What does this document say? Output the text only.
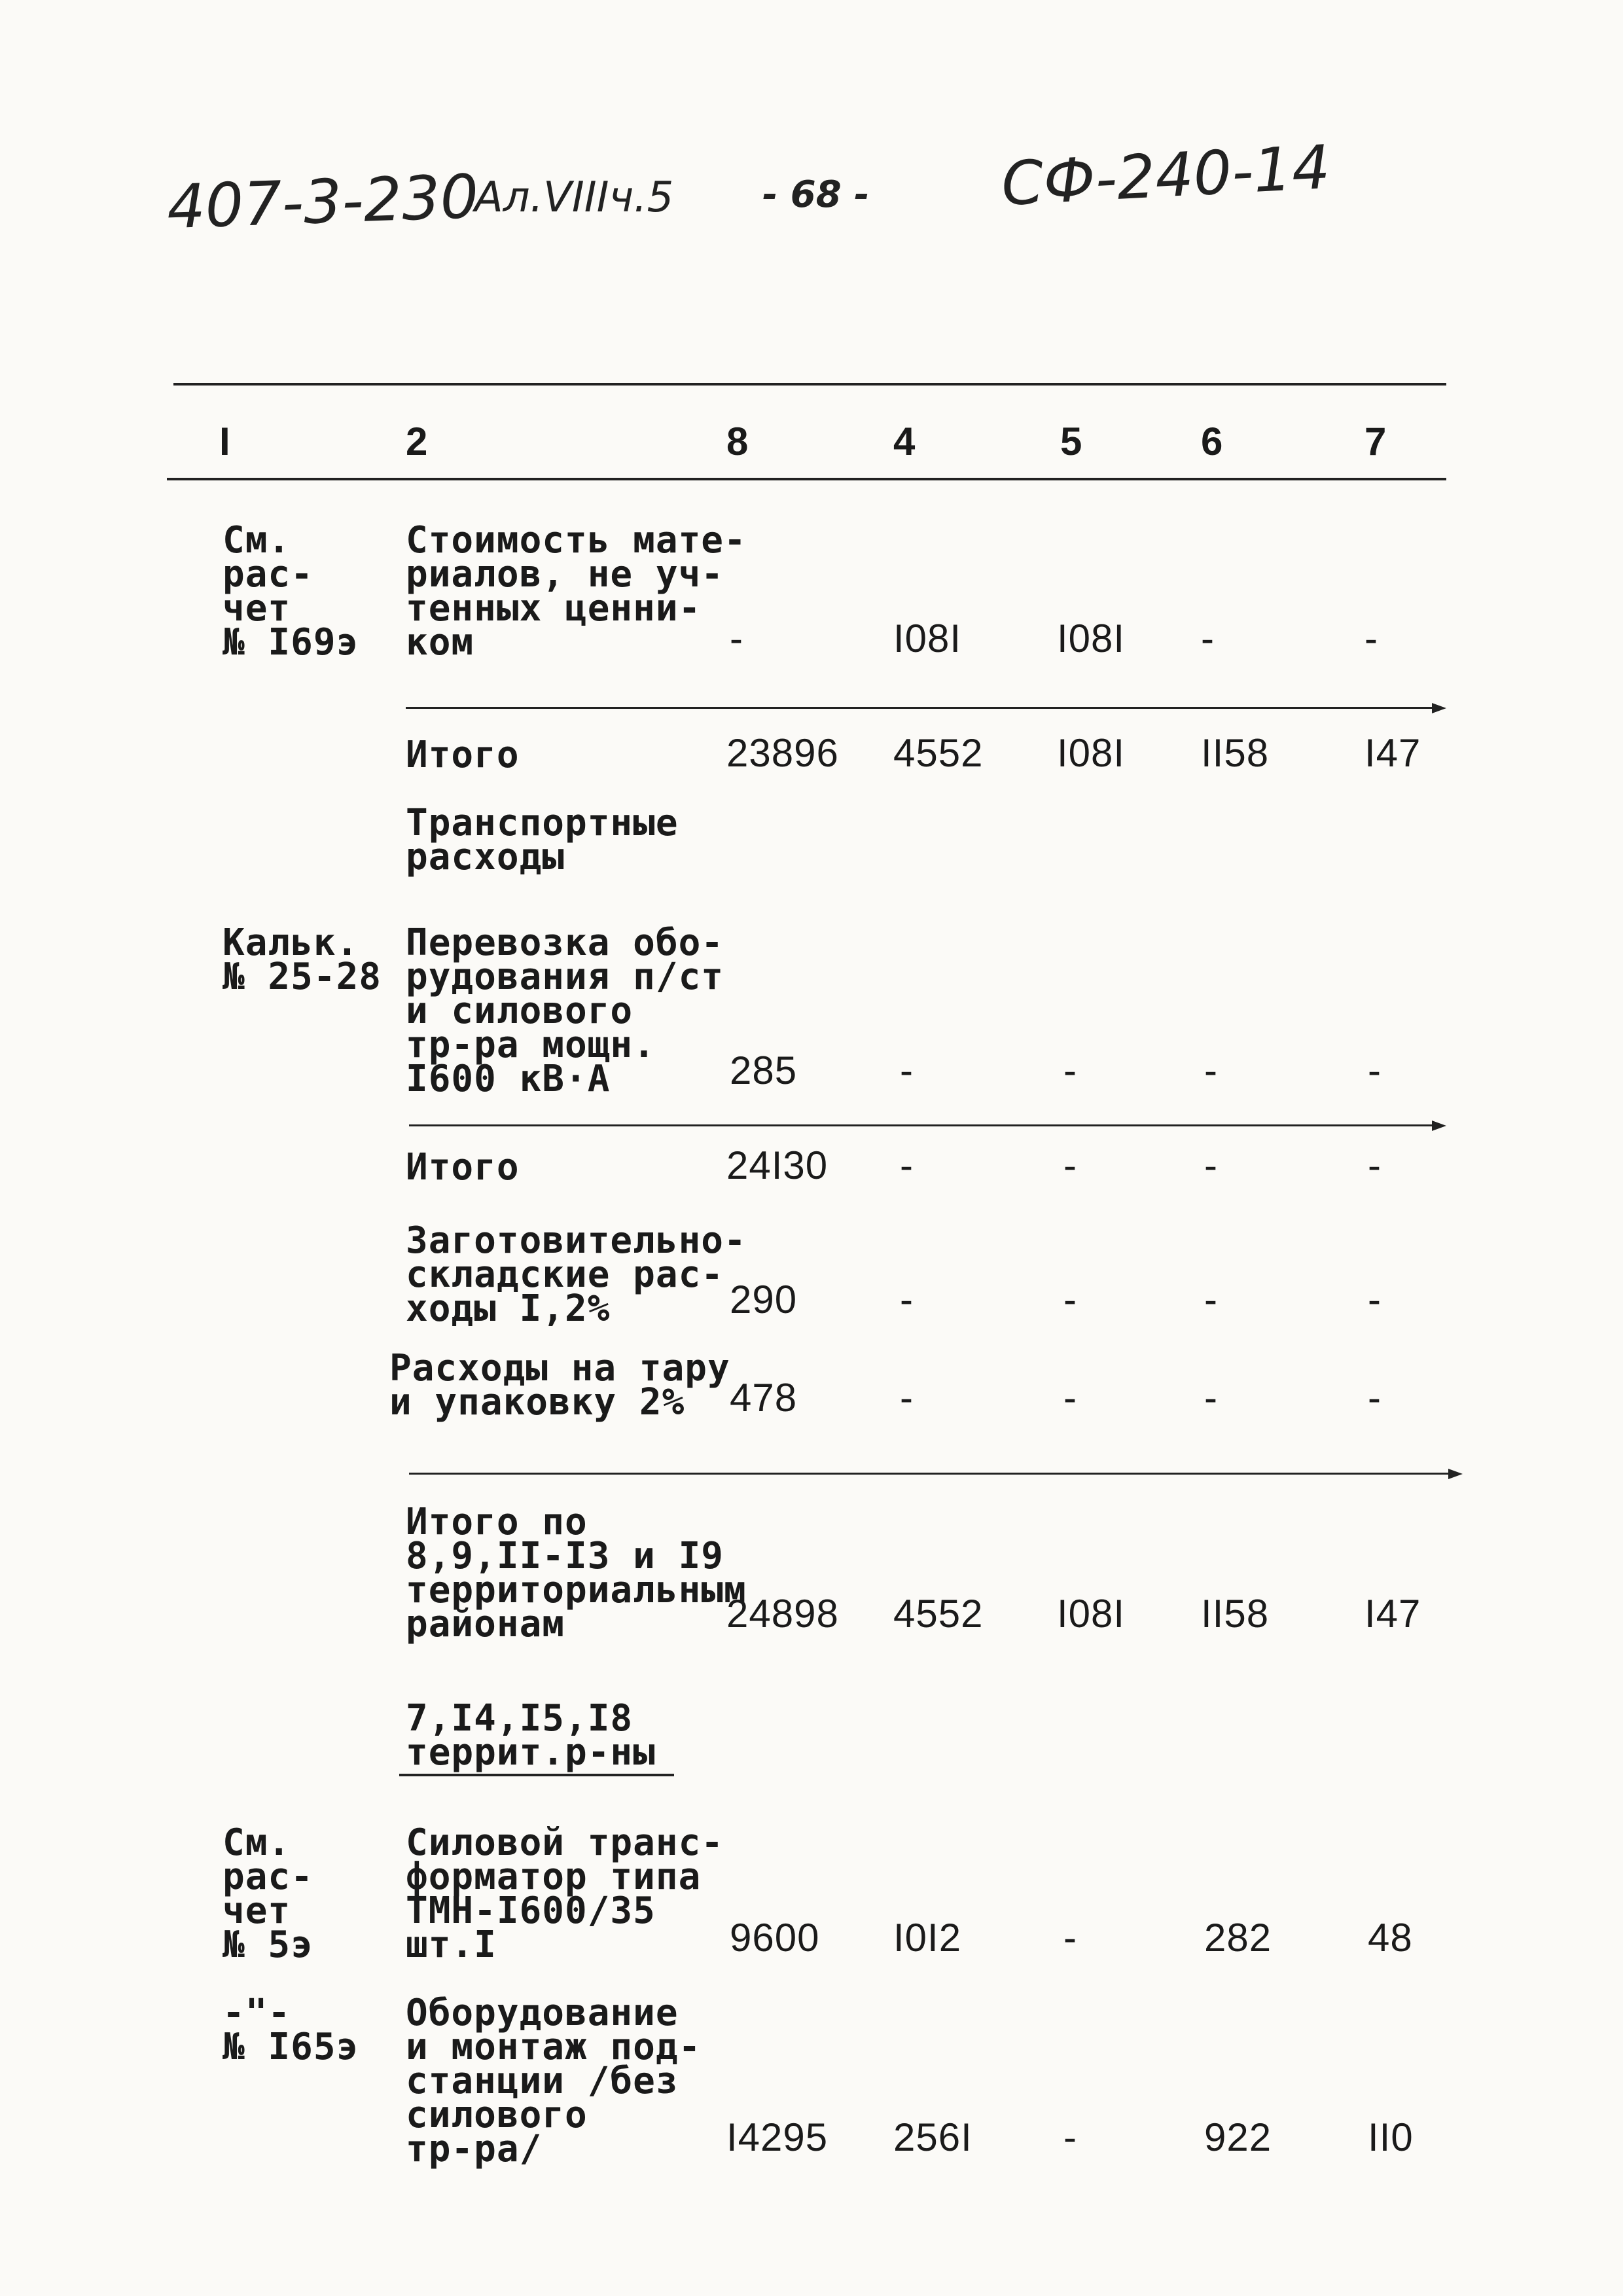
407-3-230
Ал.VIIIч.5 - 68 - СФ-240-14
I	2	8	4	5	6	7
См.
рас-
чет
№ I69э
Стоимость мате-
риалов, не уч-
тенных ценни-
ком	-	I08I I08I -	-
Итого	23896 4552 I08I II58 I47
Транспортные
расходы
Кальк.
№ 25-28
Перевозка обо-
рудования п/ст
и силового
тр-ра мощн.
I600 кВ·А	285	-	-	-	-
Итого	24I30 -	-	-	-
Заготовительно-
складские рас-
ходы I,2%	290	-	-	-	-
Расходы на тару
и упаковку 2%	478	-	-	-	-
Итого по
8,9,II-I3 и I9
территориальным
районам	24898 4552 I08I II58 I47
7,I4,I5,I8
террит.р-ны
См.
рас-
чет
№ 5э
Силовой транс-
форматор типа
ТМН-I600/35
шт.I	9600 I0I2	-	282 48
-"-
№ I65э
Оборудование
и монтаж под-
станции /без
силового
тр-ра/	I4295 256I -	922 II0
